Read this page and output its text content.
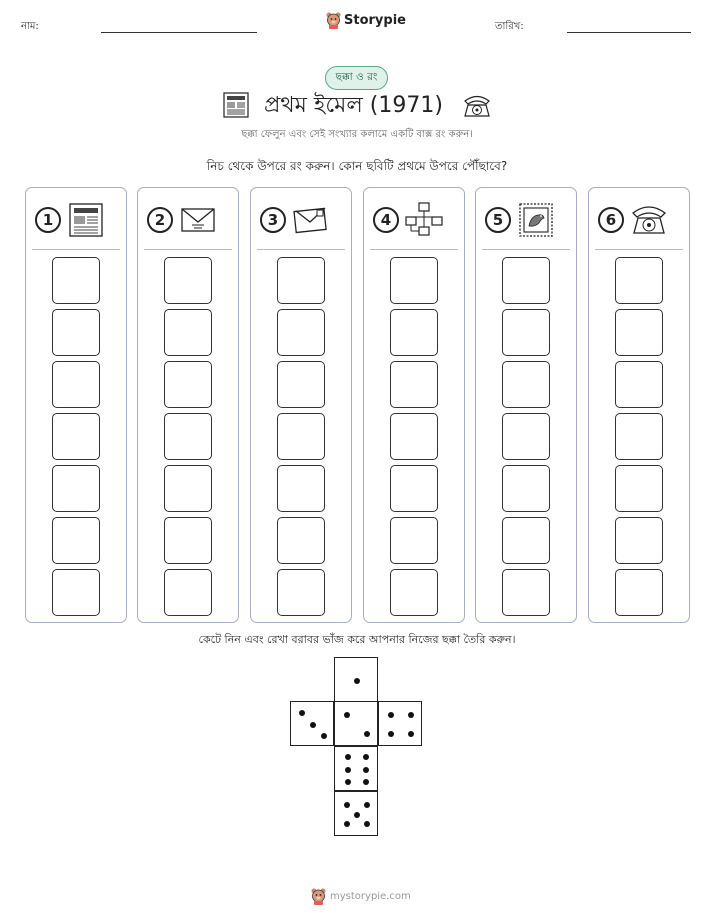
নাম:	Storypie	তারিখ:
ছক্কা ও রং
প্রথম ইমেল (1971)
ছক্কা ফেলুন এবং সেই সংখ্যার কলামে একটি বাক্স রং করুন।
নিচ থেকে উপরে রং করুন। কোন ছবিটি প্রথমে উপরে পৌঁছাবে?
1	2	3	4	5	6
কেটে নিন এবং রেখা বরাবর ভাঁজ করে আপনার নিজের ছক্কা তৈরি করুন।
mystorypie.com
